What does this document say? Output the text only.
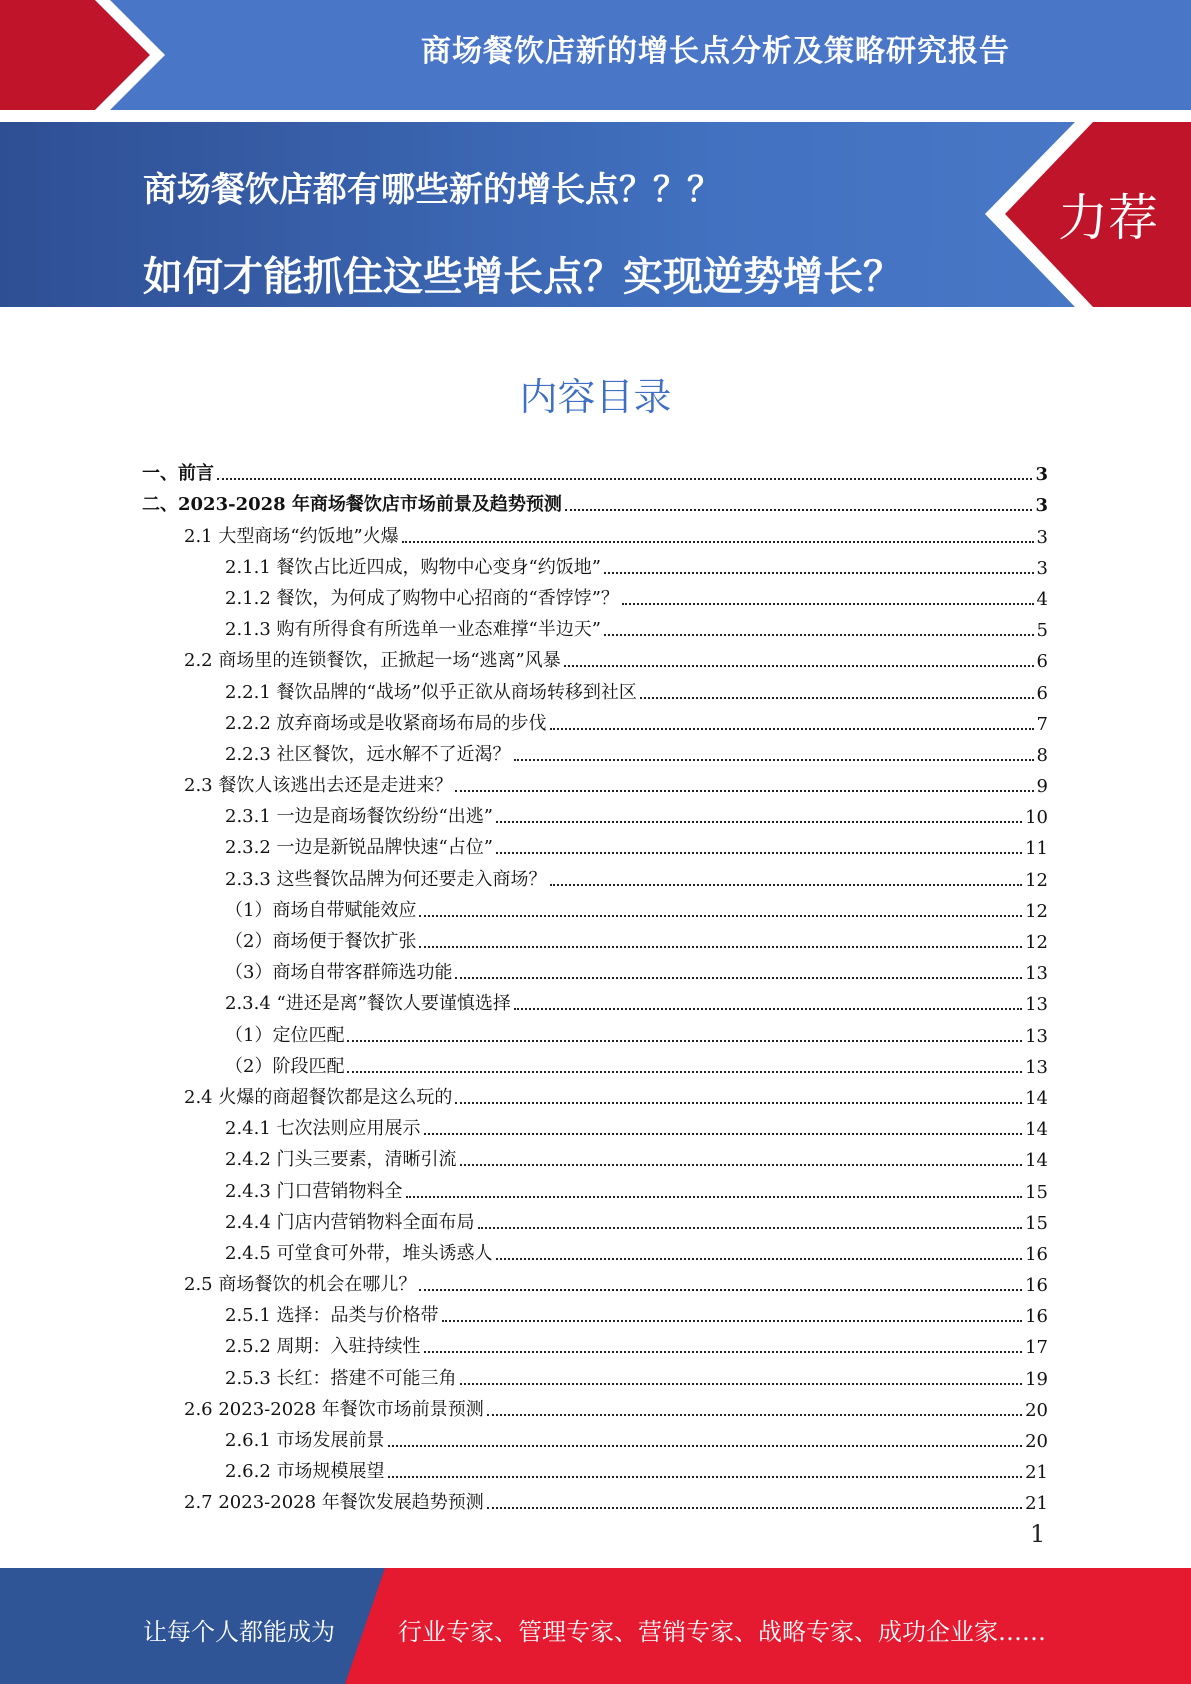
商场餐饮店新的增长点分析及策略研究报告
商场餐饮店都有哪些新的增长点？？？
如何才能抓住这些增长点？实现逆势增长？
力荐
内容目录
一、前言	3
二、2023-2028 年商场餐饮店市场前景及趋势预测	3
2.1 大型商场“约饭地”火爆	3
2.1.1 餐饮占比近四成，购物中心变身“约饭地”	3
2.1.2 餐饮，为何成了购物中心招商的“香饽饽”？	4
2.1.3 购有所得食有所选单一业态难撑“半边天”	5
2.2 商场里的连锁餐饮，正掀起一场“逃离”风暴	6
2.2.1 餐饮品牌的“战场”似乎正欲从商场转移到社区	6
2.2.2 放弃商场或是收紧商场布局的步伐	7
2.2.3 社区餐饮，远水解不了近渴？	8
2.3 餐饮人该逃出去还是走进来？	9
2.3.1 一边是商场餐饮纷纷“出逃”	10
2.3.2 一边是新锐品牌快速“占位”	11
2.3.3 这些餐饮品牌为何还要走入商场？	12
（1）商场自带赋能效应	12
（2）商场便于餐饮扩张	12
（3）商场自带客群筛选功能	13
2.3.4 “进还是离”餐饮人要谨慎选择	13
（1）定位匹配	13
（2）阶段匹配	13
2.4 火爆的商超餐饮都是这么玩的	14
2.4.1 七次法则应用展示	14
2.4.2 门头三要素，清晰引流	14
2.4.3 门口营销物料全	15
2.4.4 门店内营销物料全面布局	15
2.4.5 可堂食可外带，堆头诱惑人	16
2.5 商场餐饮的机会在哪儿？	16
2.5.1 选择：品类与价格带	16
2.5.2 周期：入驻持续性	17
2.5.3 长红：搭建不可能三角	19
2.6 2023-2028 年餐饮市场前景预测	20
2.6.1 市场发展前景	20
2.6.2 市场规模展望	21
2.7 2023-2028 年餐饮发展趋势预测	21
1
让每个人都能成为	行业专家、管理专家、营销专家、战略专家、成功企业家……
